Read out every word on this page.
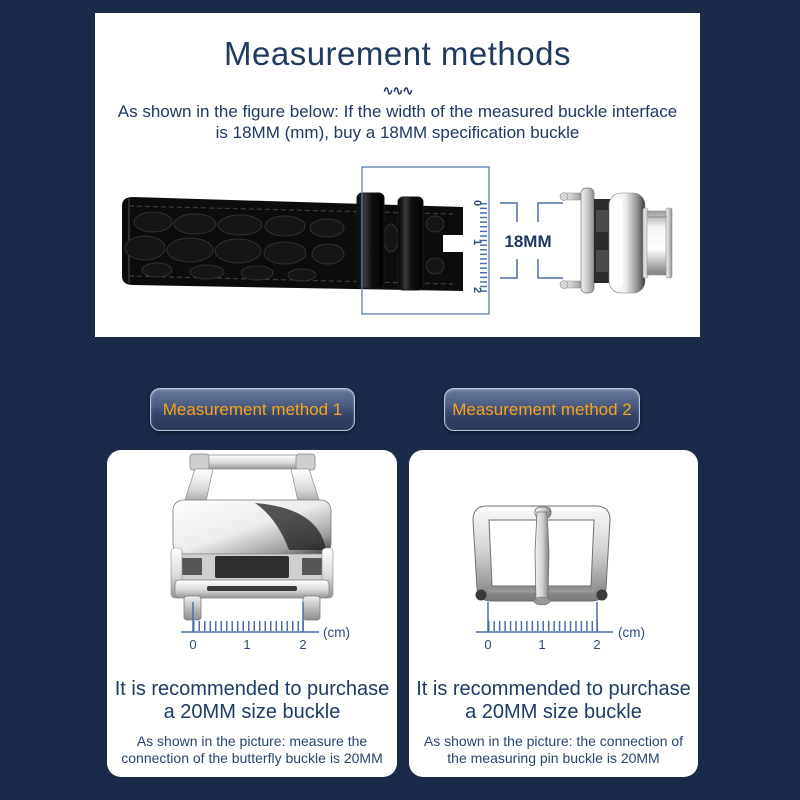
Measurement methods
∿∿∿
As shown in the figure below: If the width of the measured buckle interface
is 18MM (mm), buy a 18MM specification buckle
0
1
2
18MM
Measurement method 1	Measurement method 2
0	1	2
(cm)
It is recommended to purchase
a 20MM size buckle
As shown in the picture: measure the
connection of the butterfly buckle is 20MM
0	1	2
(cm)
It is recommended to purchase
a 20MM size buckle
As shown in the picture: the connection of
the measuring pin buckle is 20MM
